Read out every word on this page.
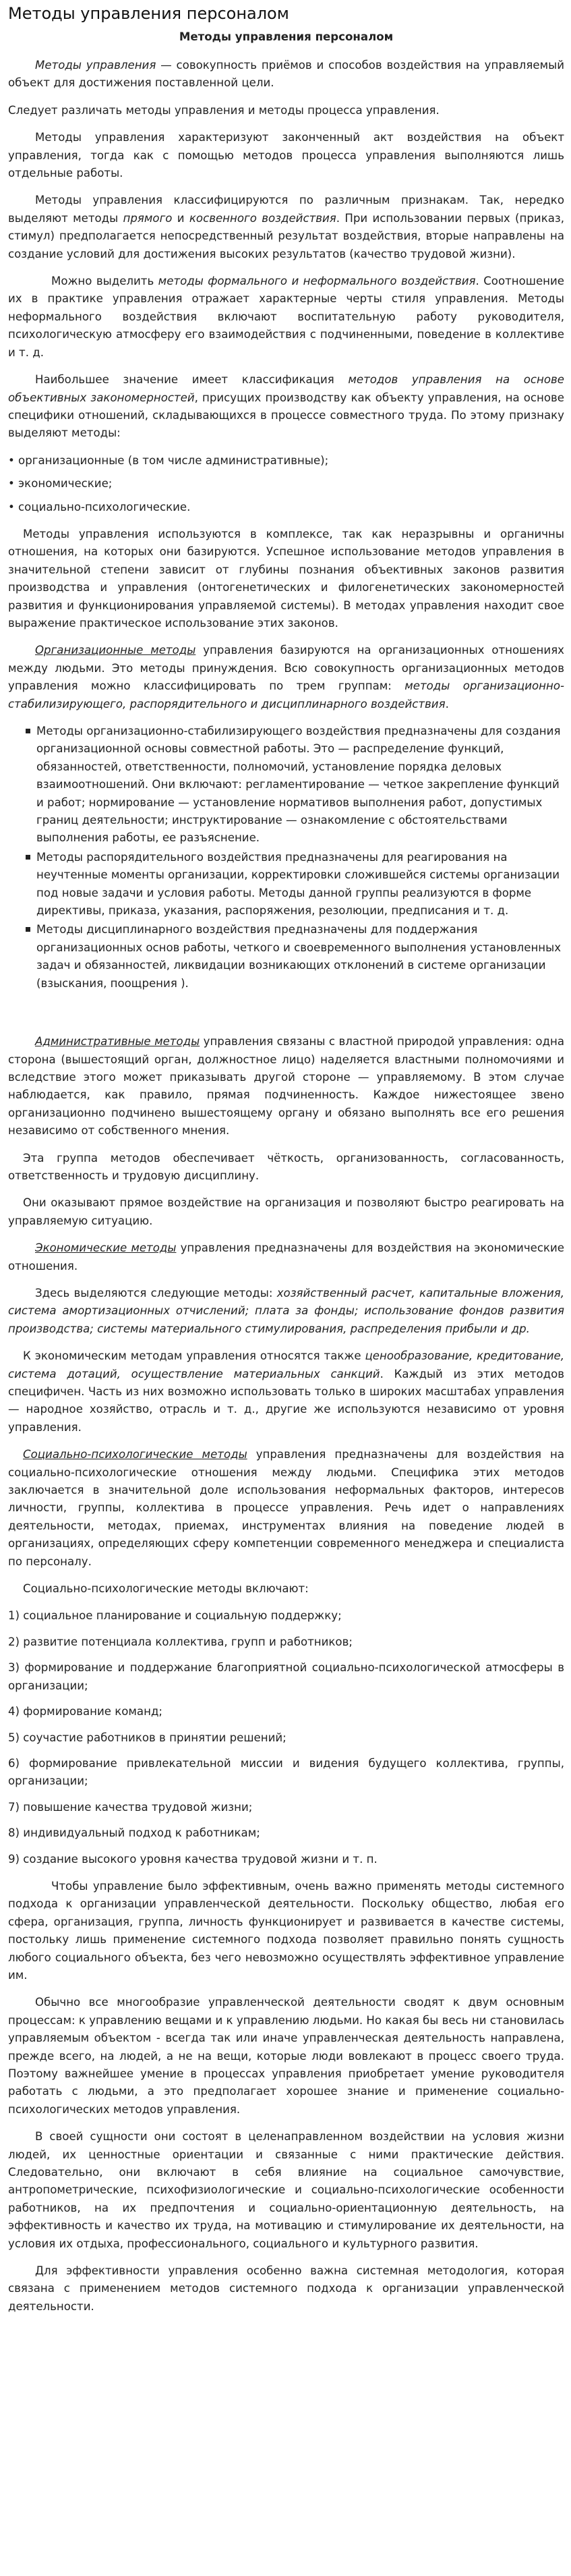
Методы управления персоналом
Методы управления персоналом

Методы управления — совокупность приёмов и способов воздействия на управляемый объект для достижения поставленной цели.

Следует различать методы управления и методы процесса управления.

Методы управления характеризуют законченный акт воздействия на объект управления, тогда как с помощью методов процесса управления выполняются лишь отдельные работы.

Методы управления классифицируются по различным признакам. Так, нередко выделяют методы прямого и косвенного воздействия. При использовании первых (приказ, стимул) предполагается непосредственный результат воздействия, вторые направлены на создание условий для достижения высоких результатов (качество трудовой жизни).

Можно выделить методы формального и неформального воздействия. Соотношение их в практике управления отражает характерные черты стиля управления. Методы неформального воздействия включают воспитательную работу руководителя, психологическую атмосферу его взаимодействия с подчиненными, поведение в коллективе и т. д.

Наибольшее значение имеет классификация методов управления на основе объективных закономерностей, присущих производству как объекту управления, на основе специфики отношений, складывающихся в процессе совместного труда. По этому признаку выделяют методы:

• организационные (в том числе административные);

• экономические;

• социально-психологические.

Методы управления используются в комплексе, так как неразрывны и органичны отношения, на которых они базируются. Успешное использование методов управления в значительной степени зависит от глубины познания объективных законов развития производства и управления (онтогенетических и филогенетических закономерностей развития и функционирования управляемой системы). В методах управления находит свое выражение практическое использование этих законов.

Организационные методы управления базируются на организационных отношениях между людьми. Это методы принуждения. Всю совокупность организационных методов управления можно классифицировать по трем группам: методы организационно-стабилизирующего, распорядительного и дисциплинарного воздействия.

Методы организационно-стабилизирующего воздействия предназначены для создания организационной основы совместной работы. Это — распределение функций, обязанностей, ответственности, полномочий, установление порядка деловых взаимоотношений. Они включают: регламентирование — четкое закрепление функций и работ; нормирование — установление нормативов выполнения работ, допустимых границ деятельности; инструктирование — ознакомление с обстоятельствами выполнения работы, ее разъяснение.
Методы распорядительного воздействия предназначены для реагирования на неучтенные моменты организации, корректировки сложившейся системы организации под новые задачи и условия работы. Методы данной группы реализуются в форме директивы, приказа, указания, распоряжения, резолюции, предписания и т. д.
Методы дисциплинарного воздействия предназначены для поддержания организационных основ работы, четкого и своевременного выполнения установленных задач и обязанностей, ликвидации возникающих отклонений в системе организации (взыскания, поощрения ).

Административные методы управления связаны с властной природой управления: одна сторона (вышестоящий орган, должностное лицо) наделяется властными полномочиями и вследствие этого может приказывать другой стороне — управляемому. В этом случае наблюдается, как правило, прямая подчиненность. Каждое нижестоящее звено организационно подчинено вышестоящему органу и обязано выполнять все его решения независимо от собственного мнения.

Эта группа методов обеспечивает чёткость, организованность, согласованность, ответственность и трудовую дисциплину.

Они оказывают прямое воздействие на организация и позволяют быстро реагировать на управляемую ситуацию.

Экономические методы управления предназначены для воздействия на экономические отношения.

Здесь выделяются следующие методы: хозяйственный расчет, капитальные вложения, система амортизационных отчислений; плата за фонды; использование фондов развития производства; системы материального стимулирования, распределения прибыли и др.

К экономическим методам управления относятся также ценообразование, кредитование, система дотаций, осуществление материальных санкций. Каждый из этих методов специфичен. Часть из них возможно использовать только в широких масштабах управления — народное хозяйство, отрасль и т. д., другие же используются независимо от уровня управления.

Социально-психологические методы управления предназначены для воздействия на социально-психологические отношения между людьми. Специфика этих методов заключается в значительной доле использования неформальных факторов, интересов личности, группы, коллектива в процессе управления. Речь идет о направлениях деятельности, методах, приемах, инструментах влияния на поведение людей в организациях, определяющих сферу компетенции современного менеджера и специалиста по персоналу.

Социально-психологические методы включают:

1) социальное планирование и социальную поддержку;

2) развитие потенциала коллектива, групп и работников;

3) формирование и поддержание благоприятной социально-психологической атмосферы в организации;

4) формирование команд;

5) соучастие работников в принятии решений;

6) формирование привлекательной миссии и видения будущего коллектива, группы, организации;

7) повышение качества трудовой жизни;

8) индивидуальный подход к работникам;

9) создание высокого уровня качества трудовой жизни и т. п.

Чтобы управление было эффективным, очень важно применять методы системного подхода к организации управленческой деятельности. Поскольку общество, любая его сфера, организация, группа, личность функционирует и развивается в качестве системы, постольку лишь применение системного подхода позволяет правильно понять сущность любого социального объекта, без чего невозможно осуществлять эффективное управление им.

Обычно все многообразие управленческой деятельности сводят к двум основным процессам: к управлению вещами и к управлению людьми. Но какая бы весь ни становилась управляемым объектом - всегда так или иначе управленческая деятельность направлена, прежде всего, на людей, а не на вещи, которые люди вовлекают в процесс своего труда. Поэтому важнейшее умение в процессах управления приобретает умение руководителя работать с людьми, а это предполагает хорошее знание и применение социально-психологических методов управления.

В своей сущности они состоят в целенаправленном воздействии на условия жизни людей, их ценностные ориентации и связанные с ними практические действия. Следовательно, они включают в себя влияние на социальное самочувствие, антропометрические, психофизиологические и социально-психологические особенности работников, на их предпочтения и социально-ориентационную деятельность, на эффективность и качество их труда, на мотивацию и стимулирование их деятельности, на условия их отдыха, профессионального, социального и культурного развития.

Для эффективности управления особенно важна системная методология, которая связана с применением методов системного подхода к организации управленческой деятельности.
